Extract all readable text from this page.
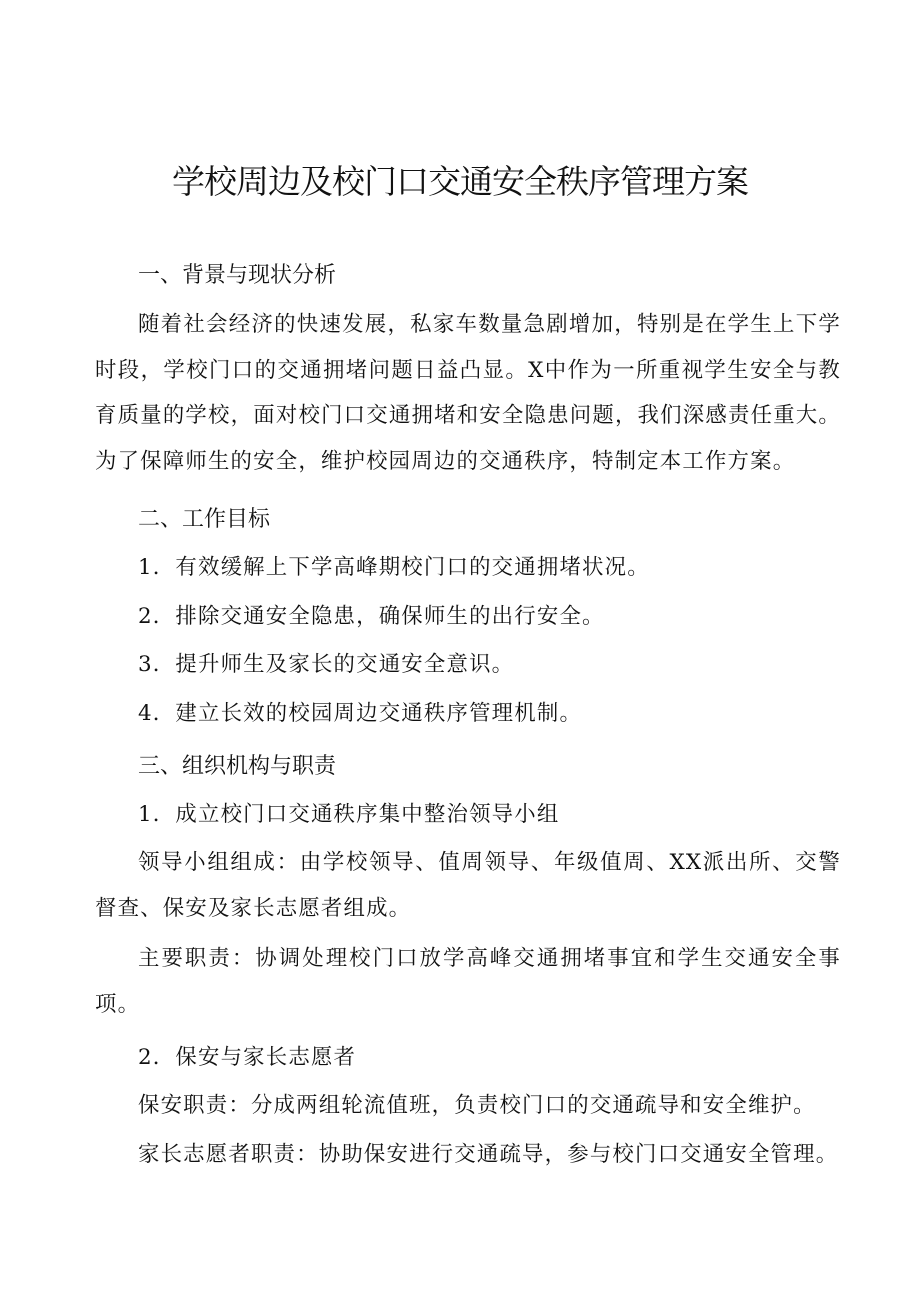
学校周边及校门口交通安全秩序管理方案
一、背景与现状分析

随着社会经济的快速发展，私家车数量急剧增加，特别是在学生上下学时段，学校门口的交通拥堵问题日益凸显。X中作为一所重视学生安全与教育质量的学校，面对校门口交通拥堵和安全隐患问题，我们深感责任重大。为了保障师生的安全，维护校园周边的交通秩序，特制定本工作方案。

二、工作目标

1．有效缓解上下学高峰期校门口的交通拥堵状况。

2．排除交通安全隐患，确保师生的出行安全。

3．提升师生及家长的交通安全意识。

4．建立长效的校园周边交通秩序管理机制。

三、组织机构与职责

1．成立校门口交通秩序集中整治领导小组

领导小组组成：由学校领导、值周领导、年级值周、XX派出所、交警督查、保安及家长志愿者组成。

主要职责：协调处理校门口放学高峰交通拥堵事宜和学生交通安全事项。

2．保安与家长志愿者

保安职责：分成两组轮流值班，负责校门口的交通疏导和安全维护。

家长志愿者职责：协助保安进行交通疏导，参与校门口交通安全管理。
